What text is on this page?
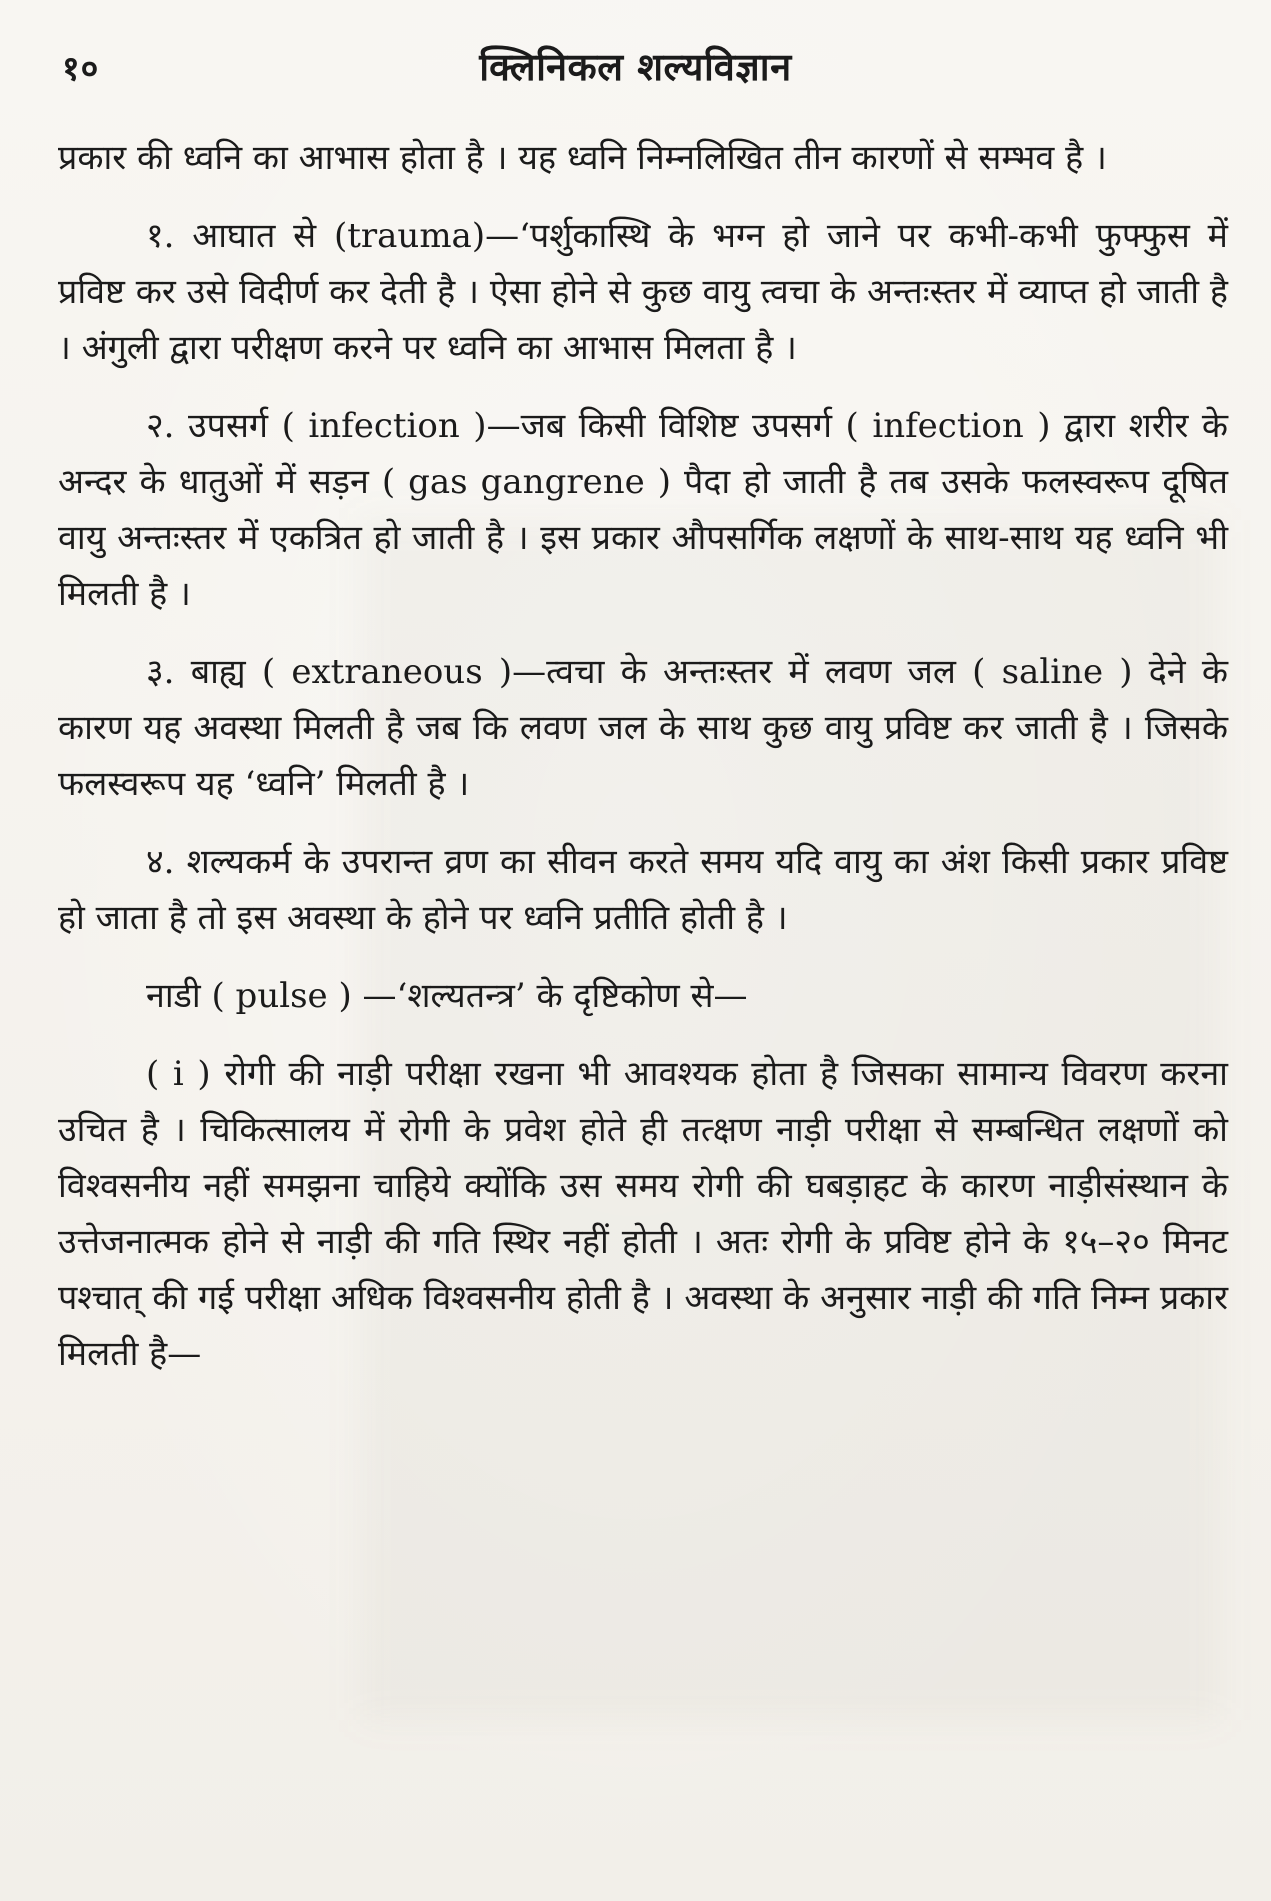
१०	क्लिनिकल शल्यविज्ञान

प्रकार की ध्वनि का आभास होता है । यह ध्वनि निम्नलिखित तीन कारणों से सम्भव है ।

१. आघात से (trauma)—‘पर्शुकास्थि के भग्न हो जाने पर कभी-कभी फुफ्फुस में प्रविष्ट कर उसे विदीर्ण कर देती है । ऐसा होने से कुछ वायु त्वचा के अन्तःस्तर में व्याप्त हो जाती है । अंगुली द्वारा परीक्षण करने पर ध्वनि का आभास मिलता है ।

२. उपसर्ग ( infection )—जब किसी विशिष्ट उपसर्ग ( infection ) द्वारा शरीर के अन्दर के धातुओं में सड़न ( gas gangrene ) पैदा हो जाती है तब उसके फलस्वरूप दूषित वायु अन्तःस्तर में एकत्रित हो जाती है । इस प्रकार औपसर्गिक लक्षणों के साथ-साथ यह ध्वनि भी मिलती है ।

३. बाह्य ( extraneous )—त्वचा के अन्तःस्तर में लवण जल ( saline ) देने के कारण यह अवस्था मिलती है जब कि लवण जल के साथ कुछ वायु प्रविष्ट कर जाती है । जिसके फलस्वरूप यह ‘ध्वनि’ मिलती है ।

४. शल्यकर्म के उपरान्त व्रण का सीवन करते समय यदि वायु का अंश किसी प्रकार प्रविष्ट हो जाता है तो इस अवस्था के होने पर ध्वनि प्रतीति होती है ।

नाडी ( pulse ) —‘शल्यतन्त्र’ के दृष्टिकोण से—

( i ) रोगी की नाड़ी परीक्षा रखना भी आवश्यक होता है जिसका सामान्य विवरण करना उचित है । चिकित्सालय में रोगी के प्रवेश होते ही तत्क्षण नाड़ी परीक्षा से सम्बन्धित लक्षणों को विश्वसनीय नहीं समझना चाहिये क्योंकि उस समय रोगी की घबड़ाहट के कारण नाड़ीसंस्थान के उत्तेजनात्मक होने से नाड़ी की गति स्थिर नहीं होती । अतः रोगी के प्रविष्ट होने के १५–२० मिनट पश्चात् की गई परीक्षा अधिक विश्वसनीय होती है । अवस्था के अनुसार नाड़ी की गति निम्न प्रकार मिलती है—
